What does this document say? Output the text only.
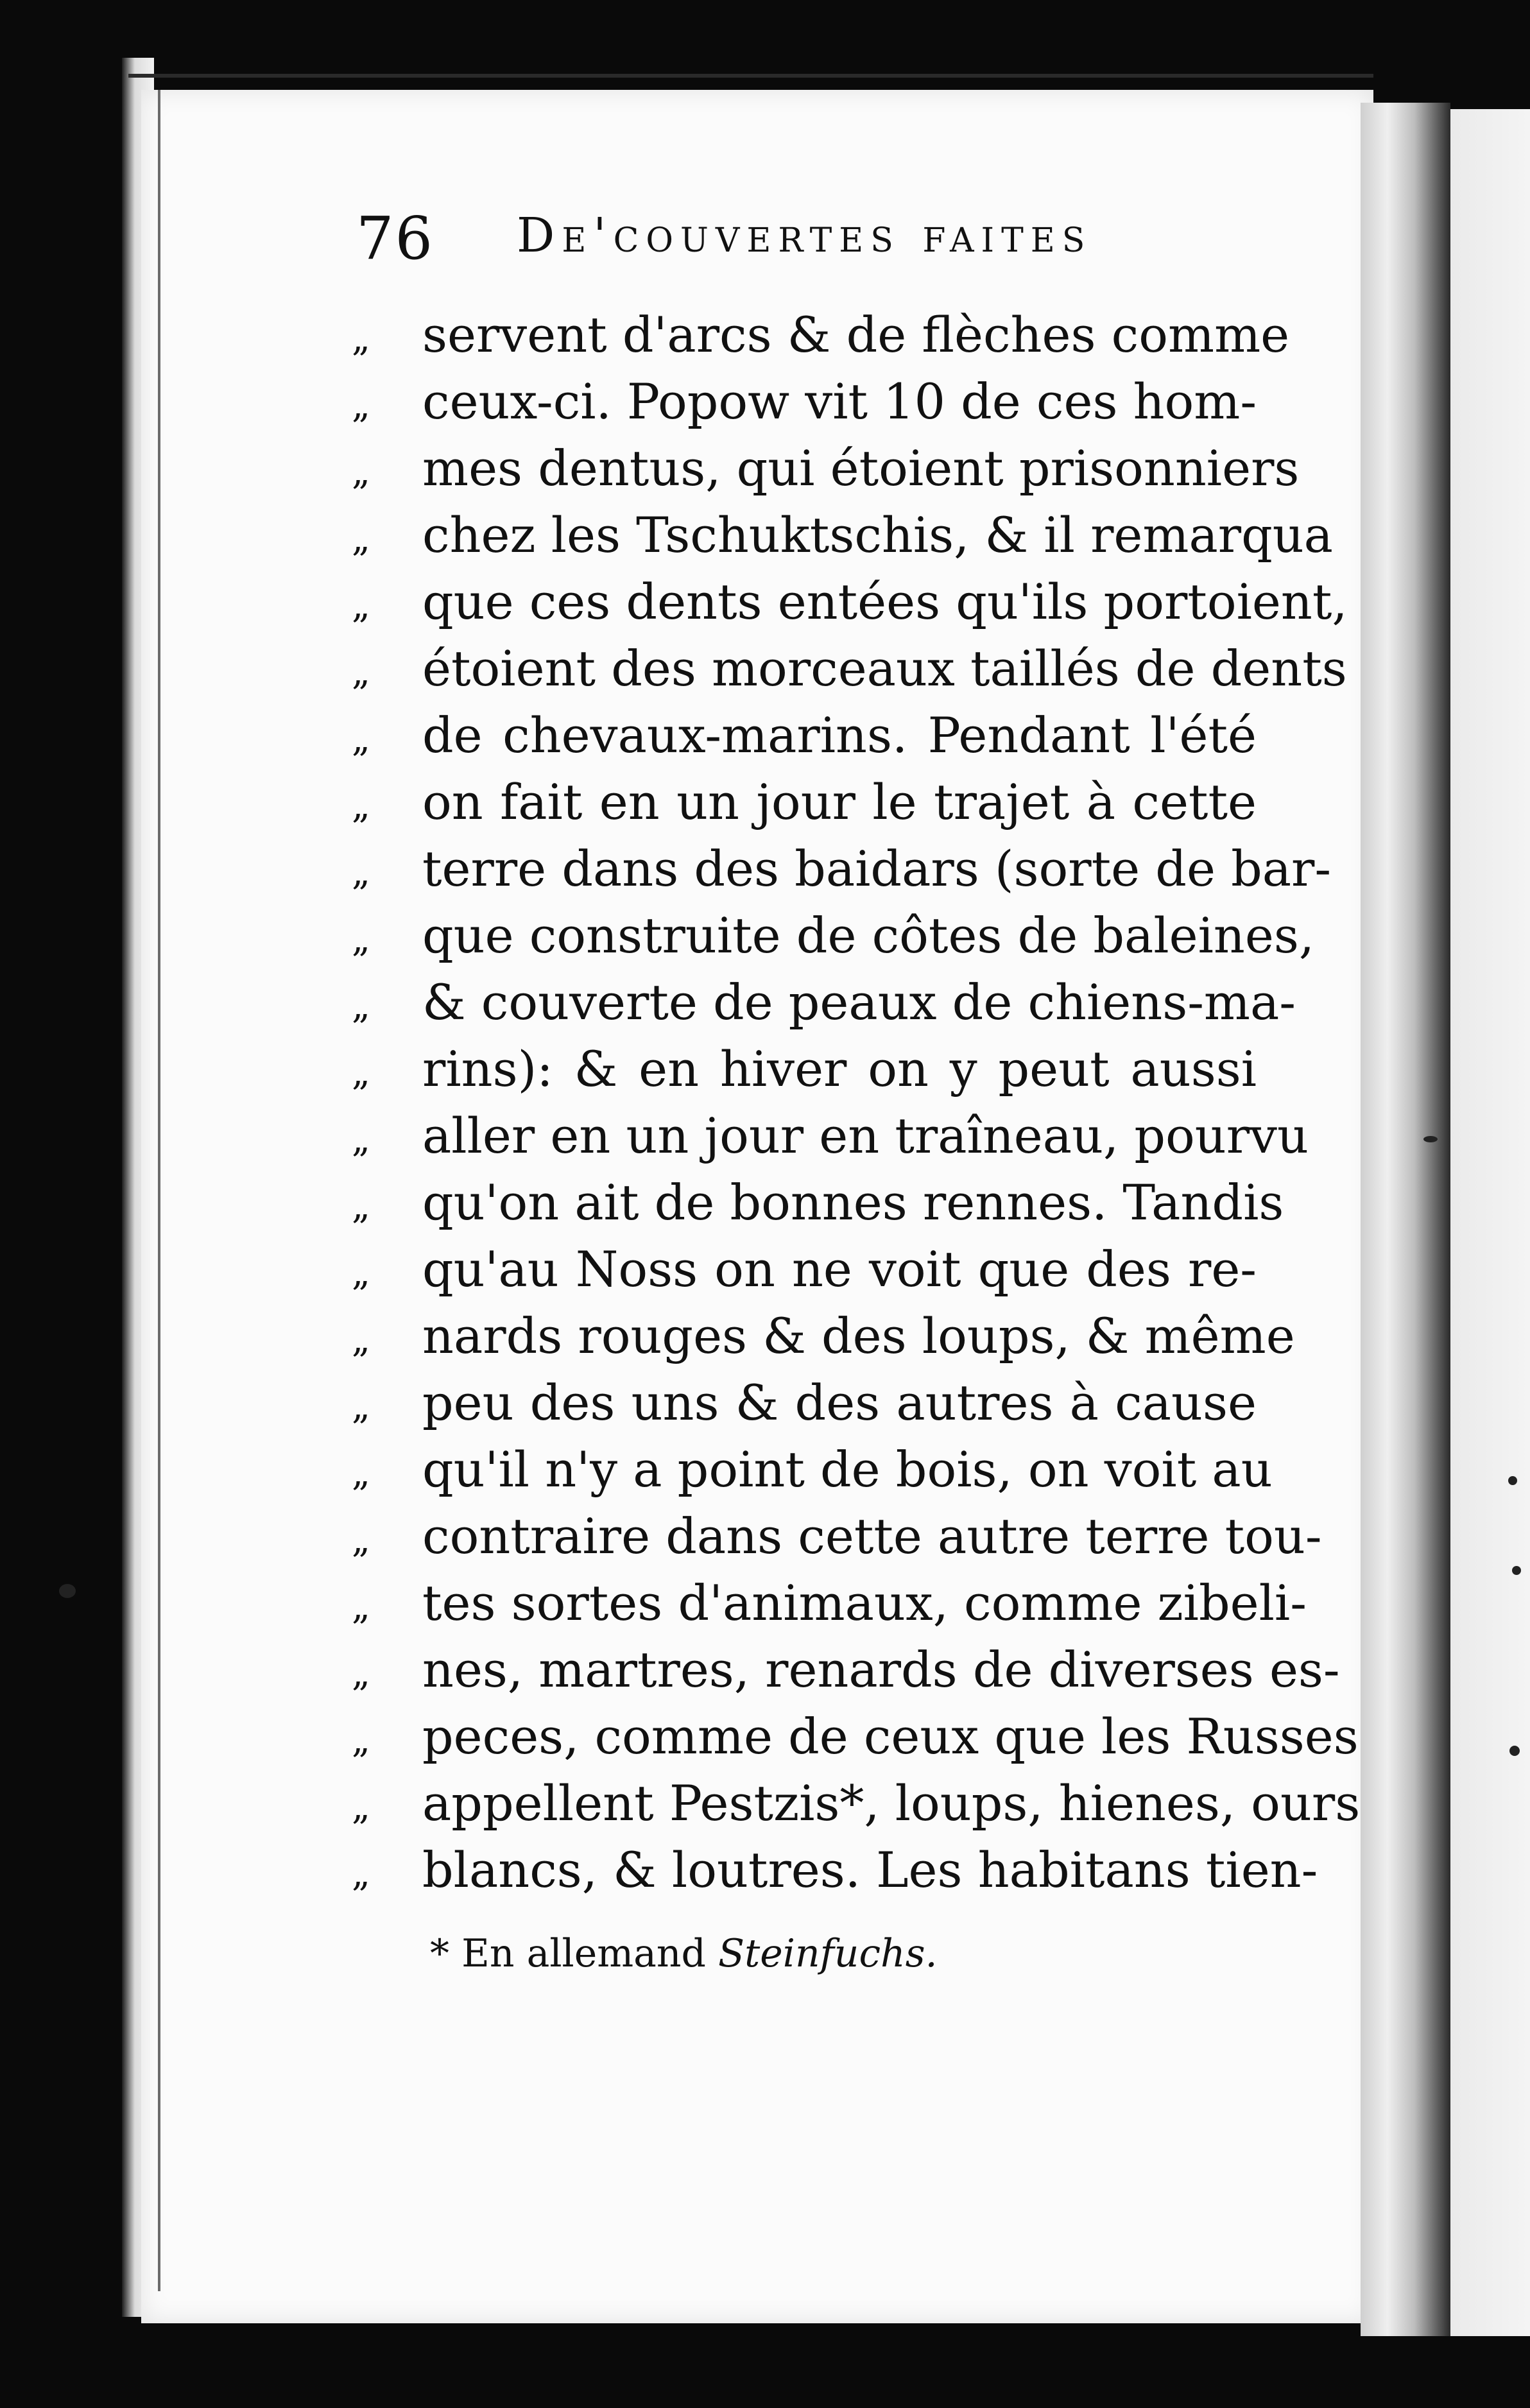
76 De'couvertes faites
„ servent d'arcs & de flèches comme
„ ceux-ci. Popow vit 10 de ces hom-
„ mes dentus, qui étoient prisonniers
„ chez les Tschuktschis, & il remarqua
„ que ces dents entées qu'ils portoient,
„ étoient des morceaux taillés de dents
„ de chevaux-marins. Pendant l'été
„ on fait en un jour le trajet à cette
„ terre dans des baidars (sorte de bar-
„ que construite de côtes de baleines,
„ & couverte de peaux de chiens-ma-
„ rins): & en hiver on y peut aussi
„ aller en un jour en traîneau, pourvu
„ qu'on ait de bonnes rennes. Tandis
„ qu'au Noss on ne voit que des re-
„ nards rouges & des loups, & même
„ peu des uns & des autres à cause
„ qu'il n'y a point de bois, on voit au
„ contraire dans cette autre terre tou-
„ tes sortes d'animaux, comme zibeli-
„ nes, martres, renards de diverses es-
„ peces, comme de ceux que les Russes
„ appellent Pestzis*, loups, hienes, ours
„ blancs, & loutres. Les habitans tien-
* En allemand Steinfuchs.
